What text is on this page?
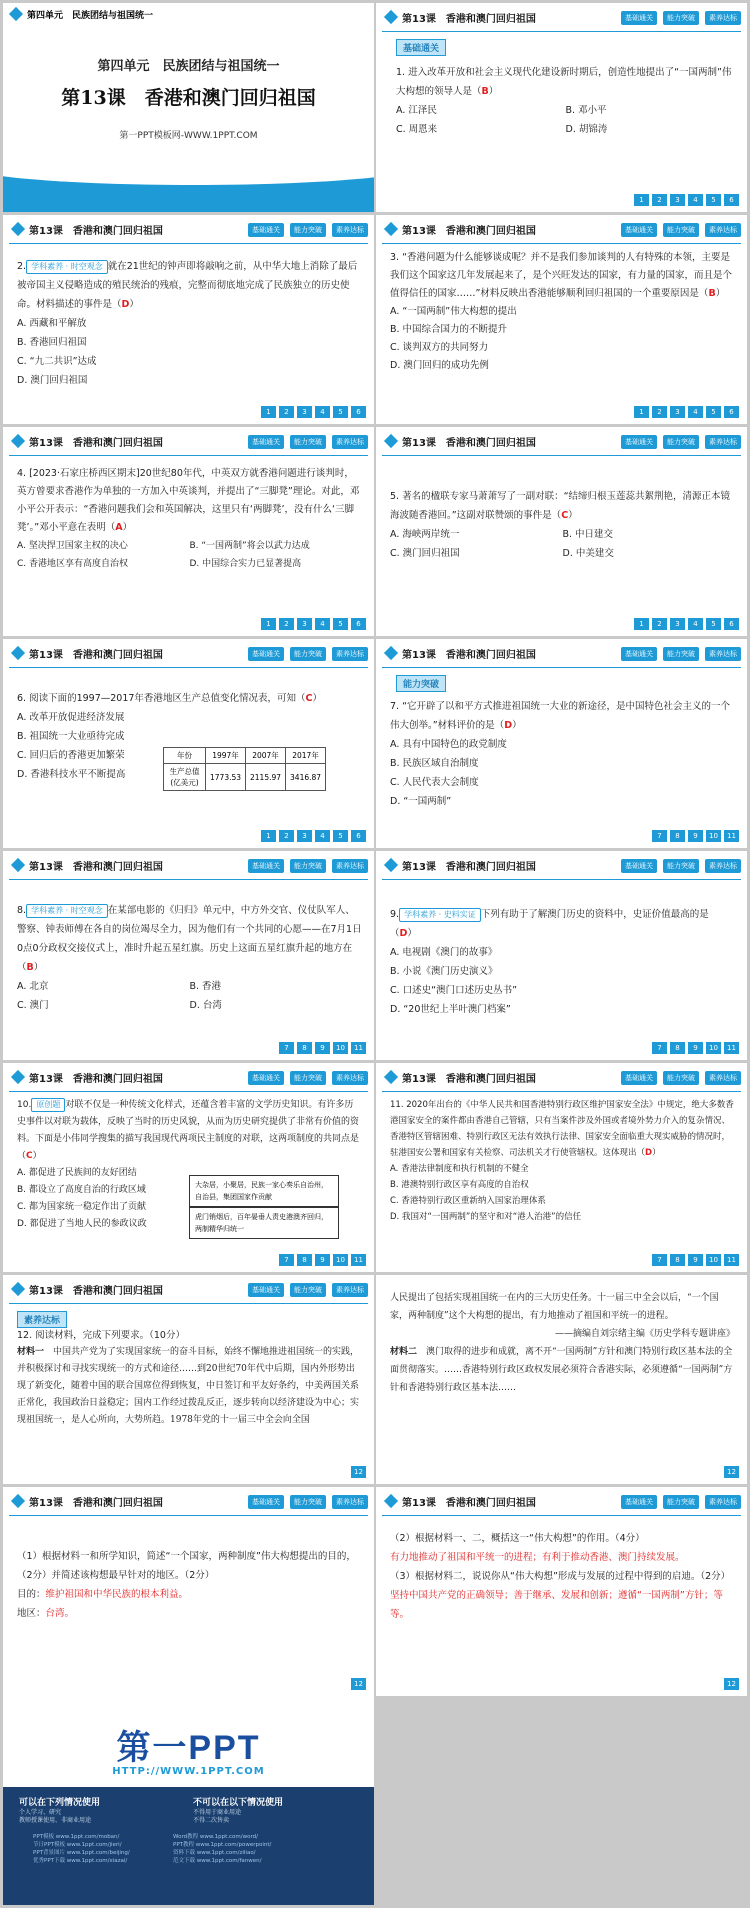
第四单元　民族团结与祖国统一
第四单元　民族团结与祖国统一
第13课　香港和澳门回归祖国
第一PPT模板网-WWW.1PPT.COM
第13课　香港和澳门回归祖国	基础通关	能力突破	素养达标
基础通关

1. 进入改革开放和社会主义现代化建设新时期后，创造性地提出了“一国两制”伟大构想的领导人是（B）

A. 江泽民	B. 邓小平

C. 周恩来	D. 胡锦涛

1	2	3	4	5	6
第13课　香港和澳门回归祖国	基础通关	能力突破	素养达标

2. 学科素养 · 时空观念 就在21世纪的钟声即将敲响之前，从中华大地上消除了最后被帝国主义侵略造成的殖民统治的残痕，完整而彻底地完成了民族独立的历史使命。材料描述的事件是（D）

A. 西藏和平解放

B. 香港回归祖国

C. “九二共识”达成

D. 澳门回归祖国

1	2	3	4	5	6
第13课　香港和澳门回归祖国	基础通关	能力突破	素养达标

3. “香港问题为什么能够谈成呢？并不是我们参加谈判的人有特殊的本领，主要是我们这个国家这几年发展起来了，是个兴旺发达的国家，有力量的国家，而且是个值得信任的国家……”材料反映出香港能够顺利回归祖国的一个重要原因是（B）

A. “一国两制”伟大构想的提出

B. 中国综合国力的不断提升

C. 谈判双方的共同努力

D. 澳门回归的成功先例

1	2	3	4	5	6
第13课　香港和澳门回归祖国	基础通关	能力突破	素养达标

4. [2023·石家庄桥西区期末]20世纪80年代，中英双方就香港问题进行谈判时，英方曾要求香港作为单独的一方加入中英谈判，并提出了“三脚凳”理论。对此，邓小平公开表示：“香港问题我们会和英国解决，这里只有‘两脚凳’，没有什么‘三脚凳’。”邓小平意在表明（A）

A. 坚决捍卫国家主权的决心	B. “一国两制”将会以武力达成

C. 香港地区享有高度自治权	D. 中国综合实力已显著提高

1	2	3	4	5	6
第13课　香港和澳门回归祖国	基础通关	能力突破	素养达标

5. 著名的楹联专家马萧萧写了一副对联：“结缔归根玉莲蕊共絮荆艳，清源正本镜海波随香港回。”这副对联赞颂的事件是（C）

A. 海峡两岸统一	B. 中日建交

C. 澳门回归祖国	D. 中美建交

1	2	3	4	5	6
第13课　香港和澳门回归祖国	基础通关	能力突破	素养达标

6. 阅读下面的1997—2017年香港地区生产总值变化情况表，可知（C）

A. 改革开放促进经济发展

B. 祖国统一大业亟待完成

C. 回归后的香港更加繁荣

D. 香港科技水平不断提高

年份	1997年	2007年	2017年
生产总值(亿美元)	1773.53	2115.97	3416.87
1	2	3	4	5	6
第13课　香港和澳门回归祖国	基础通关	能力突破	素养达标
能力突破

7. “它开辟了以和平方式推进祖国统一大业的新途径，是中国特色社会主义的一个伟大创举。”材料评价的是（D）

A. 具有中国特色的政党制度

B. 民族区域自治制度

C. 人民代表大会制度

D. “一国两制”

7	8	9	10	11
第13课　香港和澳门回归祖国	基础通关	能力突破	素养达标

8. 学科素养 · 时空观念 在某部电影的《归归》单元中，中方外交官、仪仗队军人、警察、钟表师傅在各自的岗位竭尽全力，因为他们有一个共同的心愿——在7月1日0点0分政权交接仪式上，准时升起五星红旗。历史上这面五星红旗升起的地方在（B）

A. 北京	B. 香港

C. 澳门	D. 台湾

7	8	9	10	11
第13课　香港和澳门回归祖国	基础通关	能力突破	素养达标

9. 学科素养 · 史料实证 下列有助于了解澳门历史的资料中，史证价值最高的是（D）

A. 电视剧《澳门的故事》

B. 小说《澳门历史演义》

C. 口述史“澳门口述历史丛书”

D. “20世纪上半叶澳门档案”

7	8	9	10	11
第13课　香港和澳门回归祖国	基础通关	能力突破	素养达标

10. 原创题 对联不仅是一种传统文化样式，还蕴含着丰富的文学历史知识。有许多历史事件以对联为载体，反映了当时的历史风貌，从而为历史研究提供了非常有价值的资料。下面是小伟同学搜集的描写我国现代两项民主制度的对联，这两项制度的共同点是（C）

A. 都促进了民族间的友好团结

B. 都设立了高度自治的行政区域

C. 都为国家统一稳定作出了贡献

D. 都促进了当地人民的参政议政

大杂居，小聚居，民族一家心奏乐自治州，自治县，集团国家作贡献
虎门销烟后，百年晏垂人责史港澳齐回归，两制精华归统一
7	8	9	10	11
第13课　香港和澳门回归祖国	基础通关	能力突破	素养达标

11. 2020年出台的《中华人民共和国香港特别行政区维护国家安全法》中规定，绝大多数香港国家安全的案件都由香港自己管辖，只有当案件涉及外国或者境外势力介入的复杂情况、香港特区管辖困难、特别行政区无法有效执行法律、国家安全面临重大现实威胁的情况时，驻港国安公署和国家有关检察、司法机关才行使管辖权。这体现出（D）

A. 香港法律制度和执行机制的不健全

B. 港澳特别行政区享有高度的自治权

C. 香港特别行政区重新纳入国家治理体系

D. 我国对“一国两制”的坚守和对“港人治港”的信任

7	8	9	10	11
第13课　香港和澳门回归祖国	基础通关	能力突破	素养达标
素养达标

12. 阅读材料，完成下列要求。（10分）

材料一　 中国共产党为了实现国家统一的奋斗目标，始终不懈地推进祖国统一的实践，并积极探讨和寻找实现统一的方式和途径……到20世纪70年代中后期，国内外形势出现了新变化，随着中国的联合国席位得到恢复，中日签订和平友好条约，中美两国关系正常化，我国政治日益稳定；国内工作经过拨乱反正，逐步转向以经济建设为中心；实现祖国统一，是人心所向，大势所趋。1978年党的十一届三中全会向全国

12

人民提出了包括实现祖国统一在内的三大历史任务。十一届三中全会以后，“一个国家，两种制度”这个大构想的提出，有力地推动了祖国和平统一的进程。

——摘编自刘宗绪主编《历史学科专题讲座》

材料二　 澳门取得的进步和成就，离不开“一国两制”方针和澳门特别行政区基本法的全面贯彻落实。……香港特别行政区政权发展必须符合香港实际，必须遵循“一国两制”方针和香港特别行政区基本法……

12
第13课　香港和澳门回归祖国	基础通关	能力突破	素养达标

（1）根据材料一和所学知识，简述“一个国家，两种制度”伟大构想提出的目的，（2分）并简述该构想最早针对的地区。（2分）

目的：维护祖国和中华民族的根本利益。

地区：台湾。

12
第13课　香港和澳门回归祖国	基础通关	能力突破	素养达标

（2）根据材料一、二，概括这一“伟大构想”的作用。（4分）

有力地推动了祖国和平统一的进程；有利于推动香港、澳门持续发展。

（3）根据材料二，说说你从“伟大构想”形成与发展的过程中得到的启迪。（2分）

坚持中国共产党的正确领导；善于继承、发展和创新；遵循“一国两制”方针；等等。

12
第一PPT
HTTP://WWW.1PPT.COM
可以在下列情况使用
个人学习、研究
教师授课使用、非商业用途
不可以在以下情况使用
不得用于商业用途
不得二次售卖
PPT模板 www.1ppt.com/moban/
节日PPT模板 www.1ppt.com/jieri/
PPT背景图片 www.1ppt.com/beijing/
优秀PPT下载 www.1ppt.com/xiazai/
Word教程 www.1ppt.com/word/
PPT教程 www.1ppt.com/powerpoint/
资料下载 www.1ppt.com/ziliao/
范文下载 www.1ppt.com/fanwen/
